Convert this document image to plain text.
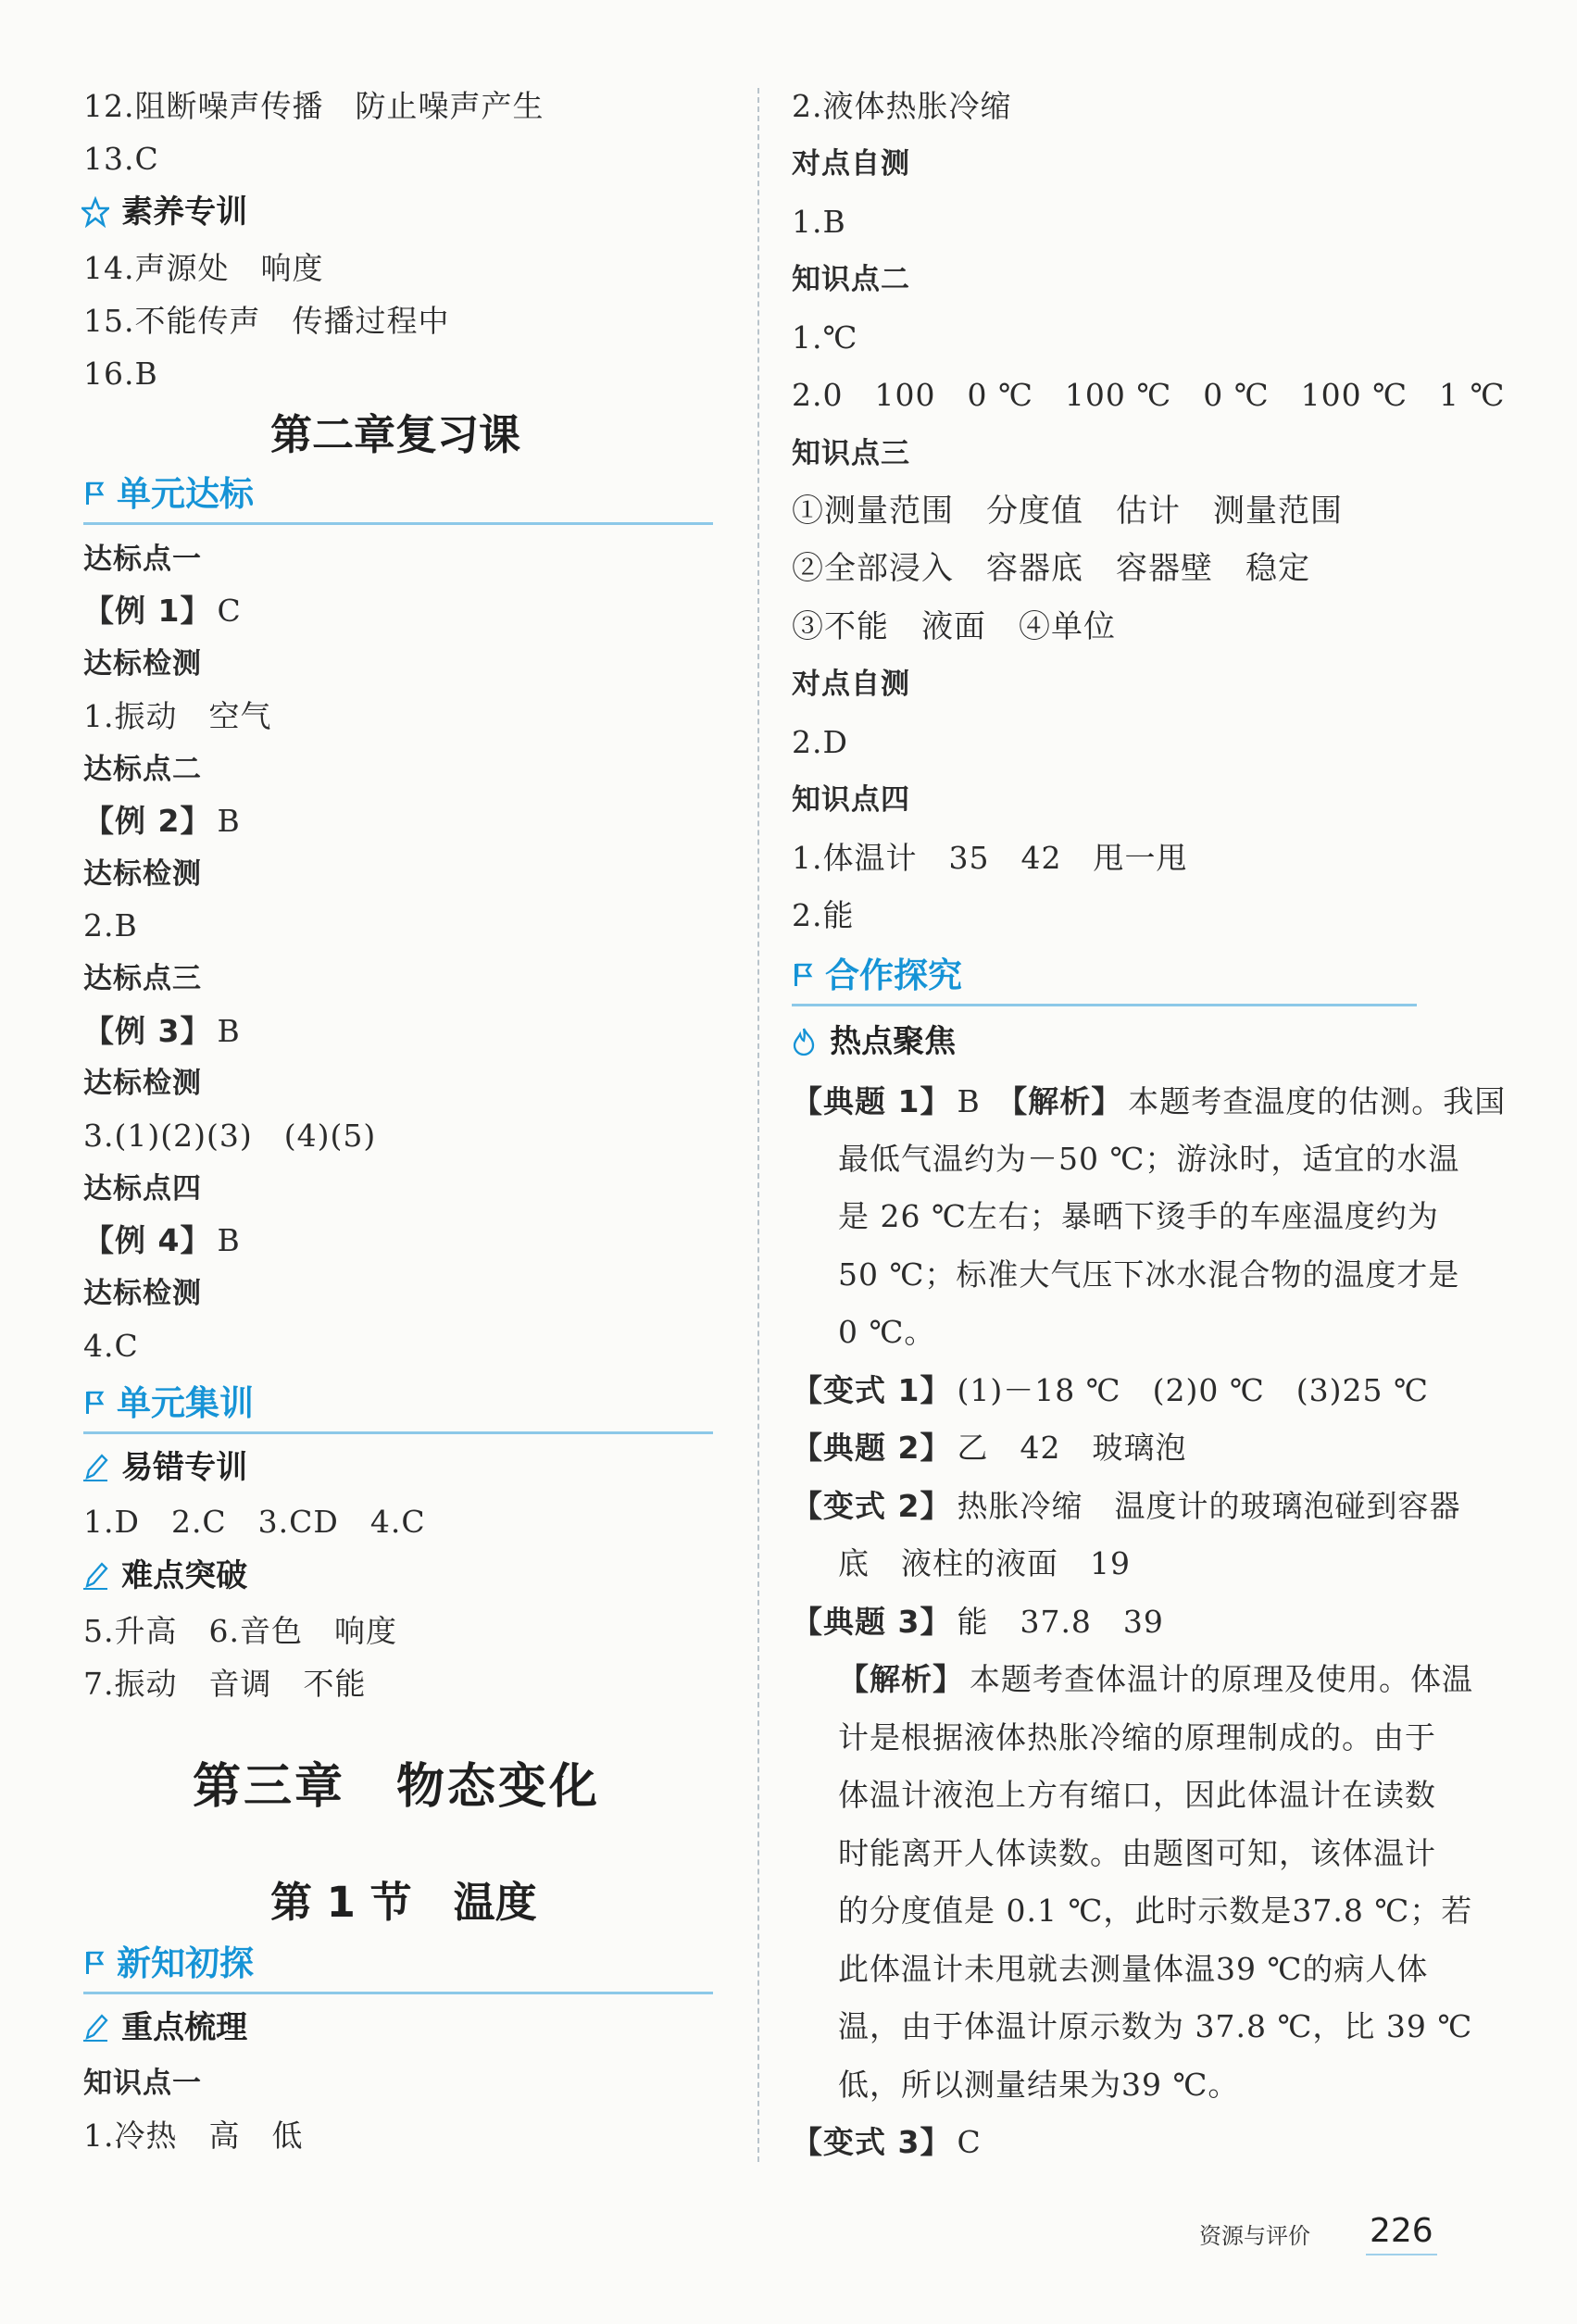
12.阻断噪声传播　防止噪声产生
13.C
素养专训
14.声源处　响度
15.不能传声　传播过程中
16.B
第二章复习课
单元达标
达标点一
【例 1】 C
达标检测
1.振动　空气
达标点二
【例 2】 B
达标检测
2.B
达标点三
【例 3】 B
达标检测
3.(1)(2)(3)　(4)(5)
达标点四
【例 4】 B
达标检测
4.C
单元集训
易错专训
1.D　2.C　3.CD　4.C
难点突破
5.升高　6.音色　响度
7.振动　音调　不能
第三章　物态变化
第 1 节　温度
新知初探
重点梳理
知识点一
1.冷热　高　低
2.液体热胀冷缩
对点自测
1.B
知识点二
1.℃
2.0　100　0 ℃　100 ℃　0 ℃　100 ℃　1 ℃
知识点三
①测量范围　分度值　估计　测量范围
②全部浸入　容器底　容器壁　稳定
③不能　液面　④单位
对点自测
2.D
知识点四
1.体温计　35　42　甩一甩
2.能
合作探究
热点聚焦
【典题 1】 B　 【解析】 本题考查温度的估测。我国
最低气温约为－50 ℃；游泳时，适宜的水温
是 26 ℃左右；暴晒下烫手的车座温度约为
50 ℃；标准大气压下冰水混合物的温度才是
0 ℃。
【变式 1】 (1)－18 ℃　(2)0 ℃　(3)25 ℃
【典题 2】 乙　42　玻璃泡
【变式 2】 热胀冷缩　温度计的玻璃泡碰到容器
底　液柱的液面　19
【典题 3】 能　37.8　39
【解析】 本题考查体温计的原理及使用。体温
计是根据液体热胀冷缩的原理制成的。由于
体温计液泡上方有缩口，因此体温计在读数
时能离开人体读数。由题图可知，该体温计
的分度值是 0.1 ℃，此时示数是37.8 ℃；若
此体温计未甩就去测量体温39 ℃的病人体
温，由于体温计原示数为 37.8 ℃，比 39 ℃
低，所以测量结果为39 ℃。
【变式 3】 C
资源与评价 226
